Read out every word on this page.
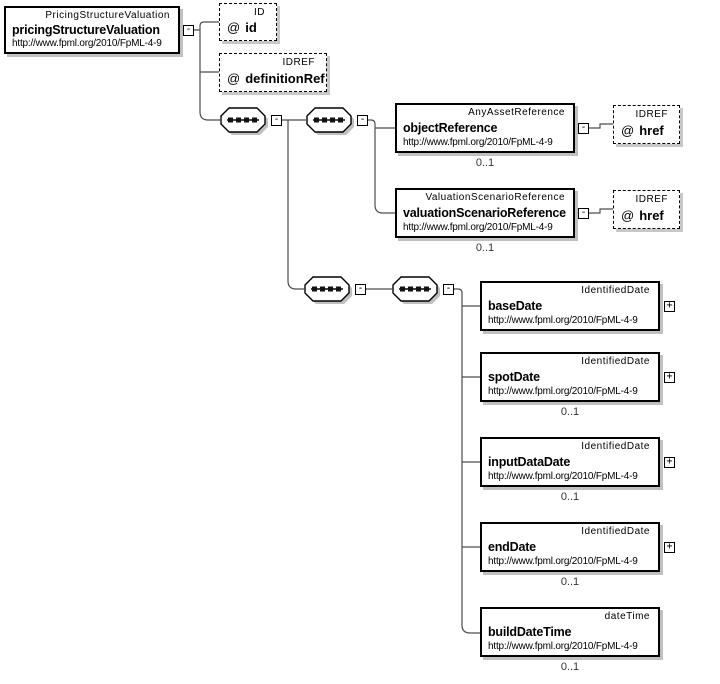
PricingStructureValuation
pricingStructureValuation
http://www.fpml.org/2010/FpML-4-9
-
ID
@ id
IDREF
@ definitionRef
-	-
-	-
AnyAssetReference
objectReference
http://www.fpml.org/2010/FpML-4-9
-
0..1
IDREF
@ href
ValuationScenarioReference
valuationScenarioReference
http://www.fpml.org/2010/FpML-4-9
-
0..1
IDREF
@ href
IdentifiedDate
baseDate
http://www.fpml.org/2010/FpML-4-9
+
IdentifiedDate
spotDate
http://www.fpml.org/2010/FpML-4-9
+
0..1
IdentifiedDate
inputDataDate
http://www.fpml.org/2010/FpML-4-9
+
0..1
IdentifiedDate
endDate
http://www.fpml.org/2010/FpML-4-9
+
0..1
dateTime
buildDateTime
http://www.fpml.org/2010/FpML-4-9
0..1
